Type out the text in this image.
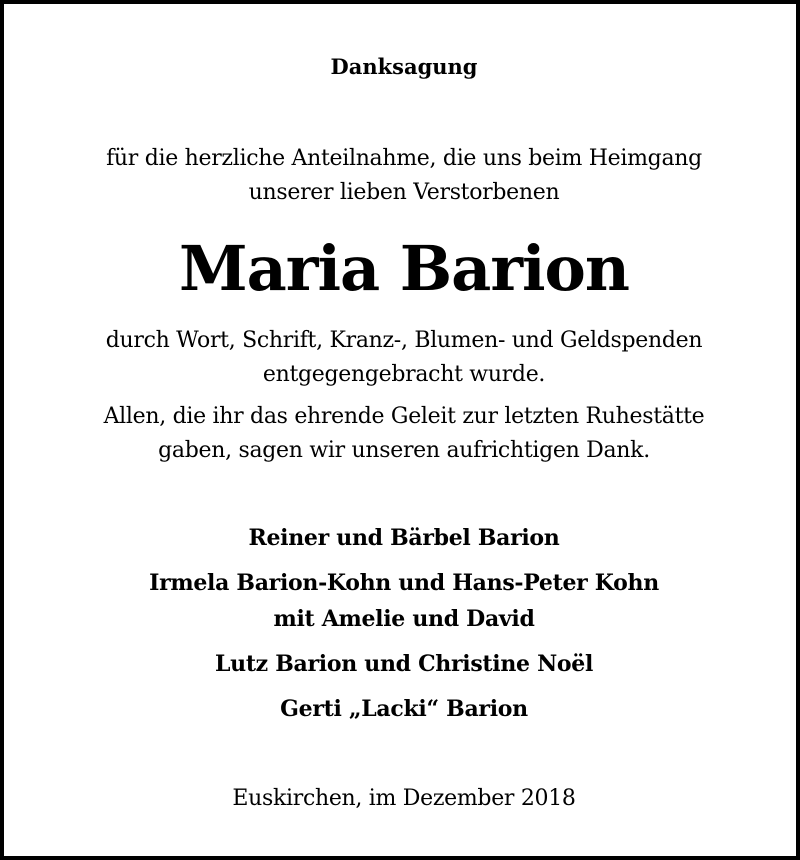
Danksagung
für die herzliche Anteilnahme, die uns beim Heimgang
unserer lieben Verstorbenen
Maria Barion
durch Wort, Schrift, Kranz-, Blumen- und Geldspenden
entgegengebracht wurde.
Allen, die ihr das ehrende Geleit zur letzten Ruhestätte
gaben, sagen wir unseren aufrichtigen Dank.
Reiner und Bärbel Barion
Irmela Barion-Kohn und Hans-Peter Kohn
mit Amelie und David
Lutz Barion und Christine Noël
Gerti „Lacki“ Barion
Euskirchen, im Dezember 2018
